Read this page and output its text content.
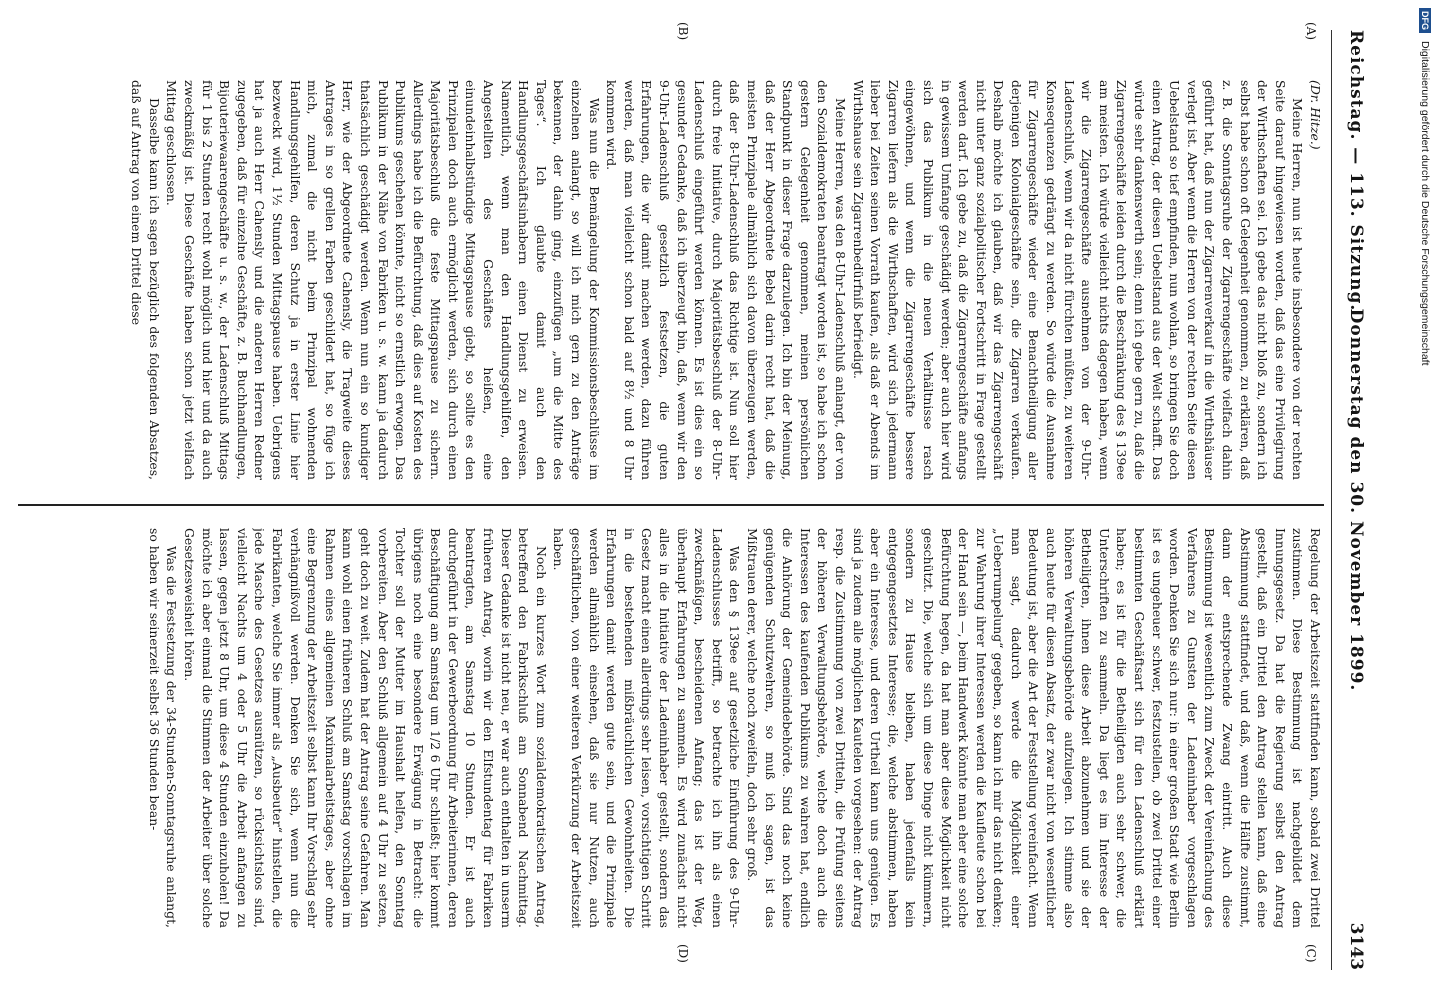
Reichstag. — 113. Sitzung.
Donnerstag den 30. November 1899.
3143
(A)
(B)
(C)
(D)

(Dr. Hitze.)

Meine Herren, nun ist heute insbesondere von der rechten Seite darauf hingewiesen worden, daß das eine Privilegirung der Wirthschaften sei. Ich gebe das nicht bloß zu, sondern ich selbst habe schon oft Gelegenheit genommen, zu erklären, daß z. B. die Sonntagsruhe der Zigarrengeschäfte vielfach dahin geführt hat, daß nun der Zigarrenverkauf in die Wirthshäuser verlegt ist. Aber wenn die Herren von der rechten Seite diesen Uebelstand so tief empfinden, nun wohlan, so bringen Sie doch einen Antrag, der diesen Uebelstand aus der Welt schafft. Das würde sehr dankenswerth sein; denn ich gebe gern zu, daß die Zigarrengeschäfte leiden durch die Beschränkung des § 139ee am meisten. Ich würde vielleicht nichts dagegen haben, wenn wir die Zigarrengeschäfte ausnehmen von der 9-Uhr-Ladenschluß, wenn wir da nicht fürchten müßten, zu weiteren Konsequenzen gedrängt zu werden. So würde die Ausnahme für Zigarrengeschäfte wieder eine Benachtheiligung aller derjenigen Kolonialgeschäfte sein, die Zigarren verkaufen. Deshalb möchte ich glauben, daß wir das Zigarrengeschäft nicht unter ganz sozialpolitischer Fortschritt in Frage gestellt werden darf. Ich gebe zu, daß die Zigarrengeschäfte anfangs in gewissem Umfange geschädigt werden; aber auch hier wird sich das Publikum in die neuen Verhältnisse rasch eingewöhnen, und wenn die Zigarrengeschäfte bessere Zigarren liefern als die Wirthschaften, wird sich jedermann lieber bei Zeiten seinen Vorrath kaufen, als daß er Abends im Wirthshause sein Zigarrenbedürfniß befriedigt.

Meine Herren, was den 8-Uhr-Ladenschluß anlangt, der von den Sozialdemokraten beantragt worden ist, so habe ich schon gestern Gelegenheit genommen, meinen persönlichen Standpunkt in dieser Frage darzulegen. Ich bin der Meinung, daß der Herr Abgeordnete Bebel darin recht hat, daß die meisten Prinzipale allmählich sich davon überzeugen werden, daß der 8-Uhr-Ladenschluß das Richtige ist. Nun soll hier durch freie Initiative, durch Majoritätsbeschluß der 8-Uhr-Ladenschluß eingeführt werden können. Es ist dies ein so gesunder Gedanke, daß ich überzeugt bin, daß, wenn wir den 9-Uhr-Ladenschluß gesetzlich festsetzen, die guten Erfahrungen, die wir damit machen werden, dazu führen werden, daß man vielleicht schon bald auf 8½ und 8 Uhr kommen wird.

Was nun die Bemängelung der Kommissionsbeschlüsse im einzelnen anlangt, so will ich mich gern zu den Anträge bekennen, der dahin ging, einzufügen „um die Mitte des Tages“. Ich glaubte damit auch den Handlungsgeschäftsinhabern einen Dienst zu erweisen. Namentlich, wenn man den Handlungsgehilfen, den Angestellten des Geschäftes heißen, eine einundeinhalbstündige Mittagspause giebt, so sollte es den Prinzipalen doch auch ermöglicht werden, sich durch einen Majoritätsbeschluß die feste Mittagspause zu sichern. Allerdings habe ich die Befürchtung, daß dies auf Kosten des Publikums geschehen könnte, nicht so ernstlich erwogen. Das Publikum in der Nähe von Fabriken u. s. w. kann ja dadurch thatsächlich geschädigt werden. Wenn nun ein so kundiger Herr, wie der Abgeordnete Cahensly, die Tragweite dieses Antrages in so grellen Farben geschildert hat, so füge ich mich, zumal die nicht beim Prinzipal wohnenden Handlungsgehilfen, deren Schutz ja in erster Linie hier bezweckt wird, 1½ Stunden Mittagspause haben. Uebrigens hat ja auch Herr Cahensly und die anderen Herren Redner zugegeben, daß für einzelne Geschäfte, z. B. Buchhandlungen, Bijouteriewaarengeschäfte u. s. w., der Ladenschluß Mittags für 1 bis 2 Stunden recht wohl möglich und hier und da auch zweckmäßig ist. Diese Geschäfte haben schon jetzt vielfach Mittag geschlossen.

Dasselbe kann ich sagen bezüglich des folgenden Absatzes, daß auf Antrag von einem Drittel diese

Regelung der Arbeitszeit stattfinden kann, sobald zwei Drittel zustimmen. Diese Bestimmung ist nachgebildet dem Innungsgesetz. Da hat die Regierung selbst den Antrag gestellt, daß ein Drittel den Antrag stellen kann, daß eine Abstimmung stattfindet, und daß, wenn die Hälfte zustimmt, dann der entsprechende Zwang eintritt. Auch diese Bestimmung ist wesentlich zum Zweck der Vereinfachung des Verfahrens zu Gunsten der Ladeninhaber vorgeschlagen worden. Denken Sie sich nur: in einer großen Stadt wie Berlin ist es ungeheuer schwer, festzustellen, ob zwei Drittel einer bestimmten Geschäftsart sich für den Ladenschluß erklärt haben; es ist für die Betheiligten auch sehr schwer, die Unterschriften zu sammeln. Da liegt es im Interesse der Betheiligten, ihnen diese Arbeit abzunehmen und sie der höheren Verwaltungsbehörde aufzulegen. Ich stimme also auch heute für diesen Absatz, der zwar nicht von wesentlicher Bedeutung ist, aber die Art der Feststellung vereinfacht. Wenn man sagt, dadurch werde die Möglichkeit einer „Ueberrumpelung“ gegeben, so kann ich mir das nicht denken; zur Wahrung ihrer Interessen werden die Kaufleute schon bei der Hand sein —, beim Handwerk könnte man eher eine solche Befürchtung hegen, da hat man aber diese Möglichkeit nicht geschützt. Die, welche sich um diese Dinge nicht kümmern, sondern zu Hause bleiben, haben jedenfalls kein entgegengesetztes Interesse; die, welche abstimmen, haben aber ein Interesse, und deren Urtheil kann uns genügen. Es sind ja zudem alle möglichen Kautelen vorgesehen: der Antrag resp. die Zustimmung von zwei Dritteln, die Prüfung seitens der höheren Verwaltungsbehörde, welche doch auch die Interessen des kaufenden Publikums zu wahren hat, endlich die Anhörung der Gemeindebehörde. Sind das noch keine genügenden Schutzwehren, so muß ich sagen, ist das Mißtrauen derer, welche noch zweifeln, doch sehr groß.

Was den § 139ee auf gesetzliche Einführung des 9-Uhr-Ladenschlusses betrifft, so betrachte ich ihn als einen zweckmäßigen, bescheidenen Anfang; das ist der Weg, überhaupt Erfahrungen zu sammeln. Es wird zunächst nicht alles in die Initiative der Ladeninhaber gestellt, sondern das Gesetz macht einen allerdings sehr leisen, vorsichtigen Schritt in die bestehenden mißbräuchlichen Gewohnheiten. Die Erfahrungen damit werden gute sein, und die Prinzipale werden allmählich einsehen, daß sie nur Nutzen, auch geschäftlichen, von einer weiteren Verkürzung der Arbeitszeit haben.

Noch ein kurzes Wort zum sozialdemokratischen Antrag, betreffend den Fabrikschluß am Sonnabend Nachmittag. Dieser Gedanke ist nicht neu, er war auch enthalten in unserm früheren Antrag, worin wir den Elfstundentag für Fabriken beantragten, am Samstag 10 Stunden. Er ist auch durchgeführt in der Gewerbeordnung für Arbeiterinnen, deren Beschäftigung am Samstag um 1/2 6 Uhr schließt; hier kommt übrigens noch eine besondere Erwägung in Betracht: die Tochter soll der Mutter im Haushalt helfen, den Sonntag vorbereiten. Aber den Schluß allgemein auf 4 Uhr zu setzen, geht doch zu weit. Zudem hat der Antrag seine Gefahren. Man kann wohl einen früheren Schluß am Samstag vorschlagen im Rahmen eines allgemeinen Maximalarbeitstages, aber ohne eine Begrenzung der Arbeitszeit selbst kann Ihr Vorschlag sehr verhängnißvoll werden. Denken Sie sich, wenn nun die Fabrikanten, welche Sie immer als „Ausbeuter“ hinstellen, die jede Masche des Gesetzes ausnützen, so rücksichtslos sind, vielleicht Nachts um 4 oder 5 Uhr die Arbeit anfangen zu lassen, gegen jetzt 8 Uhr, um diese 4 Stunden einzuholen! Da möchte ich aber einmal die Stimmen der Arbeiter über solche Gesetzesweisheit hören.

Was die Festsetzung der 34-Stunden-Sonntagsruhe anlangt, so haben wir seinerzeit selbst 36 Stunden bean-

DFG
Digitalisierung gefördert durch die Deutsche Forschungsgemeinschaft
